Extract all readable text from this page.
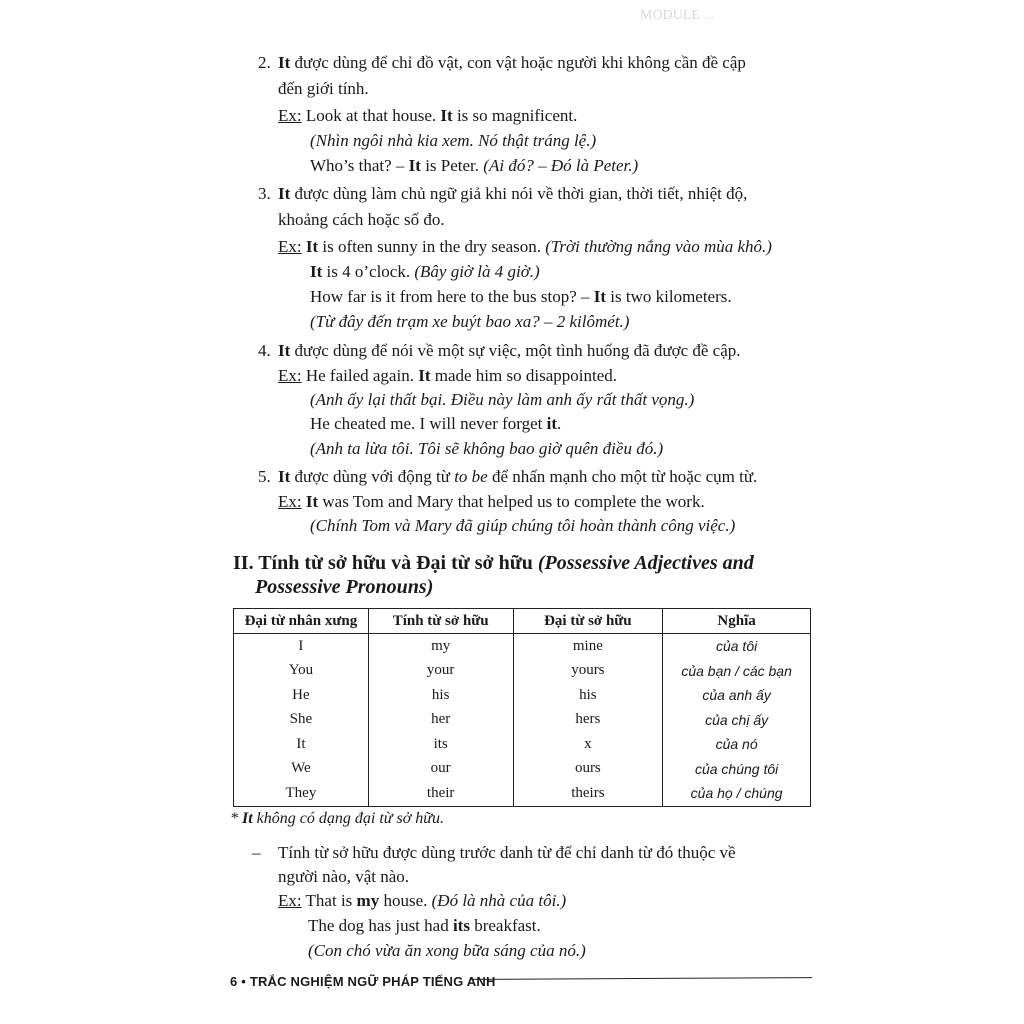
MODULE ...
2. It được dùng để chỉ đồ vật, con vật hoặc người khi không cần đề cập
đến giới tính.
Ex: Look at that house. It is so magnificent.
(Nhìn ngôi nhà kia xem. Nó thật tráng lệ.)
Who’s that? – It is Peter. (Ai đó? – Đó là Peter.)
3. It được dùng làm chủ ngữ giả khi nói về thời gian, thời tiết, nhiệt độ,
khoảng cách hoặc số đo.
Ex: It is often sunny in the dry season. (Trời thường nắng vào mùa khô.)
It is 4 o’clock. (Bây giờ là 4 giờ.)
How far is it from here to the bus stop? – It is two kilometers.
(Từ đây đến trạm xe buýt bao xa? – 2 kilômét.)
4. It được dùng để nói về một sự việc, một tình huống đã được đề cập.
Ex: He failed again. It made him so disappointed.
(Anh ấy lại thất bại. Điều này làm anh ấy rất thất vọng.)
He cheated me. I will never forget it.
(Anh ta lừa tôi. Tôi sẽ không bao giờ quên điều đó.)
5. It được dùng với động từ to be để nhấn mạnh cho một từ hoặc cụm từ.
Ex: It was Tom and Mary that helped us to complete the work.
(Chính Tom và Mary đã giúp chúng tôi hoàn thành công việc.)
II. Tính từ sở hữu và Đại từ sở hữu (Possessive Adjectives and
Possessive Pronouns)
Đại từ nhân xưng	Tính từ sở hữu	Đại từ sở hữu	Nghĩa
I	my	mine	của tôi
You	your	yours	của bạn / các bạn
He	his	his	của anh ấy
She	her	hers	của chị ấy
It	its	x	của nó
We	our	ours	của chúng tôi
They	their	theirs	của họ / chúng
* It không có dạng đại từ sở hữu.
– Tính từ sở hữu được dùng trước danh từ để chỉ danh từ đó thuộc về
người nào, vật nào.
Ex: That is my house. (Đó là nhà của tôi.)
The dog has just had its breakfast.
(Con chó vừa ăn xong bữa sáng của nó.)
6 • TRẮC NGHIỆM NGỮ PHÁP TIẾNG ANH
